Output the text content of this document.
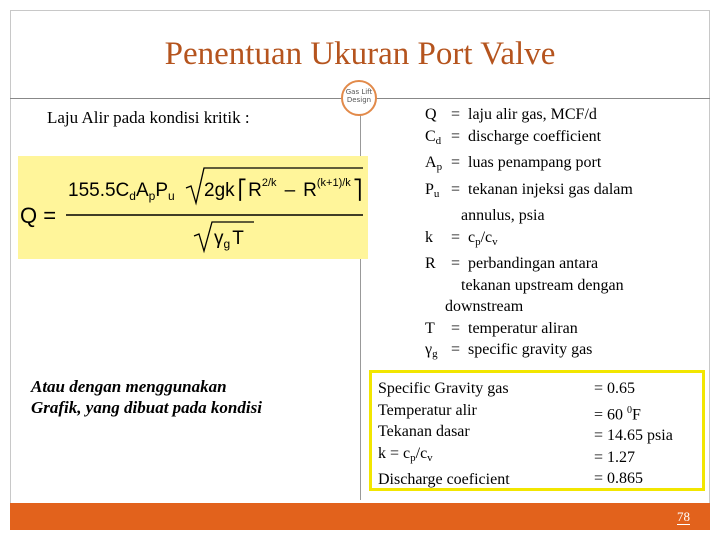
Penentuan Ukuran Port Valve
Gas Lift Design
Laju Alir pada kondisi kritik :
Q =
$155.5C_dA_pP_u$ 2gk $⎡R^{2/k} - R^{(k+1)/k}$ ⎤
$\gamma_g$ T
Atau dengan menggunakan
Grafik, yang dibuat pada kondisi
Q = laju alir gas, MCF/d
$C_d$ = discharge coefficient
$A_p$ = luas penampang port
$P_u$ = tekanan injeksi gas dalam
annulus, psia
k	= $c_p/c_v$
R = perbandingan antara
tekanan upstream dengan
downstream
T	= temperatur aliran
$\gamma_g$ = specific gravity gas
Specific Gravity gas
Temperatur alir
Tekanan dasar
$k = c_p/c_v$
Discharge coeficient
= 0.65
= 60 $^0$F
= 14.65 psia
= 1.27
= 0.865
78
